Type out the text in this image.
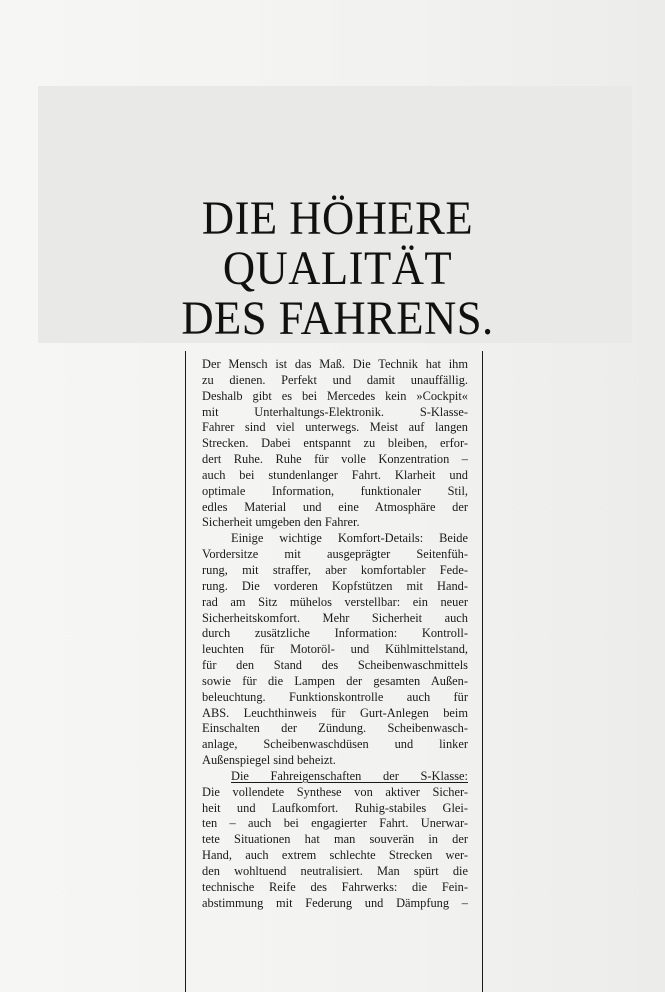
DIE HÖHERE
QUALITÄT
DES FAHRENS.

Der Mensch ist das Maß. Die Technik hat ihm
zu dienen. Perfekt und damit unauffällig.
Deshalb gibt es bei Mercedes kein »Cockpit«
mit Unterhaltungs-Elektronik. S-Klasse-
Fahrer sind viel unterwegs. Meist auf langen
Strecken. Dabei entspannt zu bleiben, erfor-
dert Ruhe. Ruhe für volle Konzentration –
auch bei stundenlanger Fahrt. Klarheit und
optimale Information, funktionaler Stil,
edles Material und eine Atmosphäre der
Sicherheit umgeben den Fahrer.

Einige wichtige Komfort-Details: Beide
Vordersitze mit ausgeprägter Seitenfüh-
rung, mit straffer, aber komfortabler Fede-
rung. Die vorderen Kopfstützen mit Hand-
rad am Sitz mühelos verstellbar: ein neuer
Sicherheitskomfort. Mehr Sicherheit auch
durch zusätzliche Information: Kontroll-
leuchten für Motoröl- und Kühlmittelstand,
für den Stand des Scheibenwaschmittels
sowie für die Lampen der gesamten Außen-
beleuchtung. Funktionskontrolle auch für
ABS. Leuchthinweis für Gurt-Anlegen beim
Einschalten der Zündung. Scheibenwasch-
anlage, Scheibenwaschdüsen und linker
Außenspiegel sind beheizt.

Die Fahreigenschaften der S-Klasse:
Die vollendete Synthese von aktiver Sicher-
heit und Laufkomfort. Ruhig-stabiles Glei-
ten – auch bei engagierter Fahrt. Unerwar-
tete Situationen hat man souverän in der
Hand, auch extrem schlechte Strecken wer-
den wohltuend neutralisiert. Man spürt die
technische Reife des Fahrwerks: die Fein-
abstimmung mit Federung und Dämpfung –
